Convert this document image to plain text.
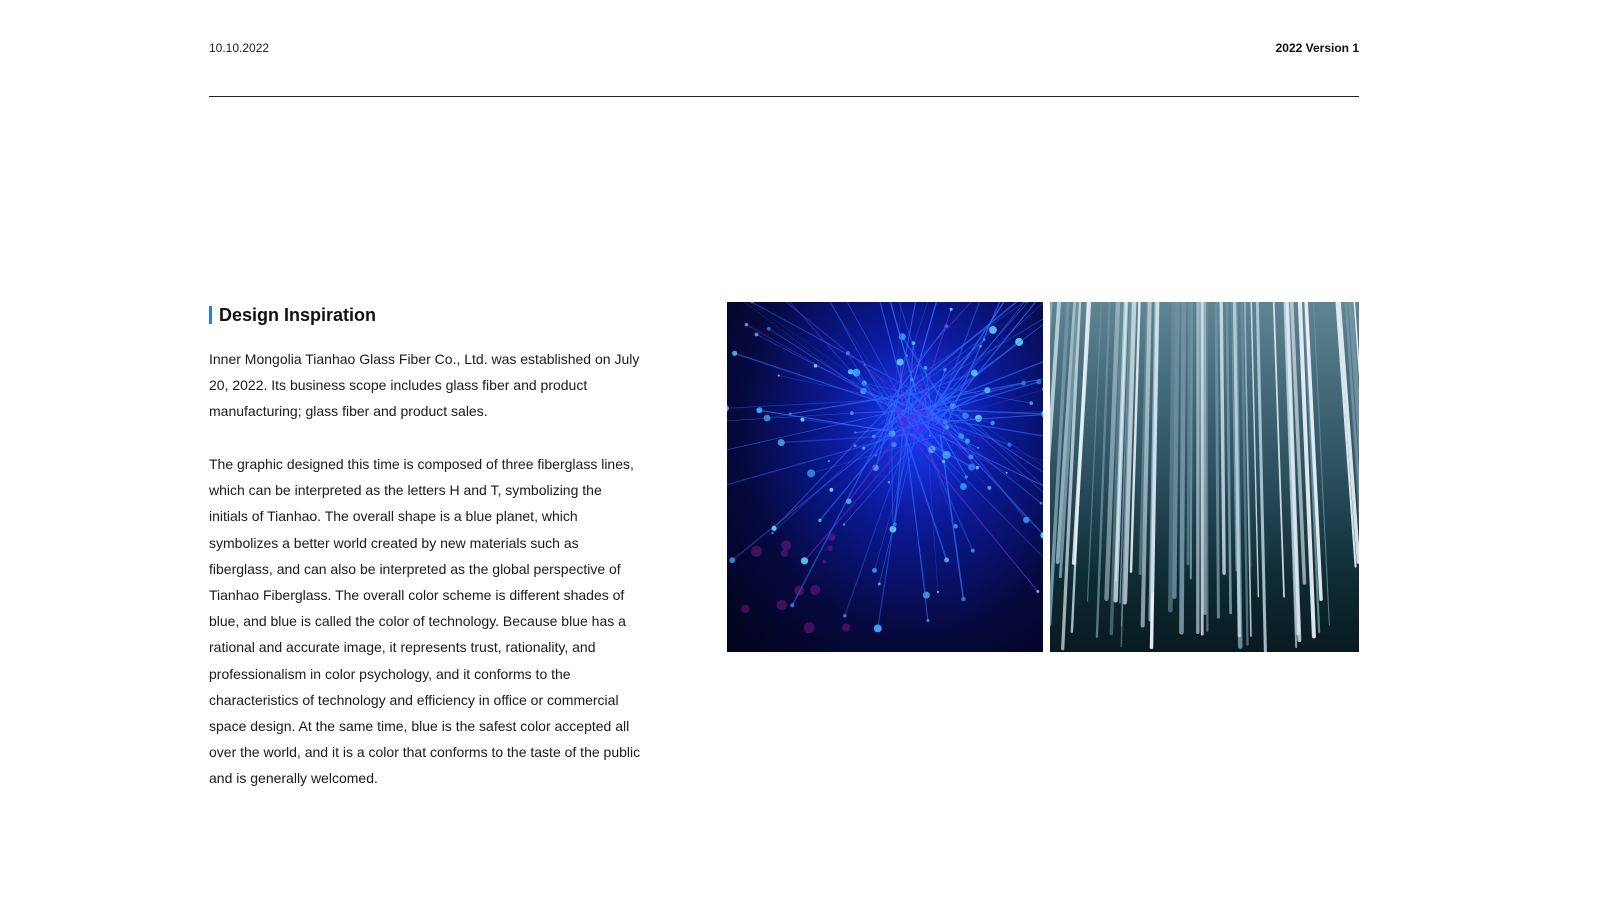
10.10.2022	2022 Version 1
Design Inspiration

Inner Mongolia Tianhao Glass Fiber Co., Ltd. was established on July 20, 2022. Its business scope includes glass fiber and product manufacturing; glass fiber and product sales.

The graphic designed this time is composed of three fiberglass lines, which can be interpreted as the letters H and T, symbolizing the initials of Tianhao. The overall shape is a blue planet, which symbolizes a better world created by new materials such as fiberglass, and can also be interpreted as the global perspective of Tianhao Fiberglass. The overall color scheme is different shades of blue, and blue is called the color of technology. Because blue has a rational and accurate image, it represents trust, rationality, and professionalism in color psychology, and it conforms to the characteristics of technology and efficiency in office or commercial space design. At the same time, blue is the safest color accepted all over the world, and it is a color that conforms to the taste of the public and is generally welcomed.
